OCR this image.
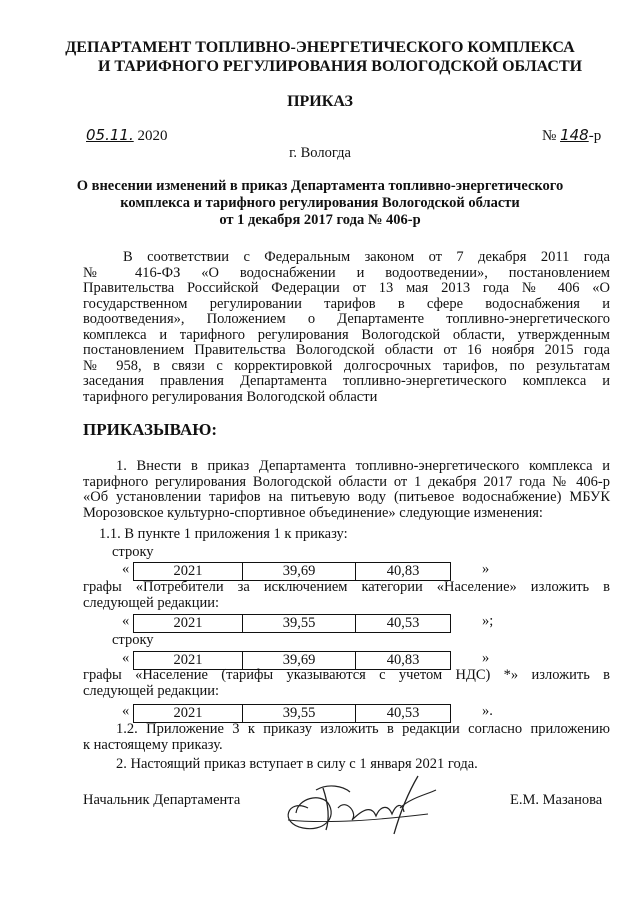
ДЕПАРТАМЕНТ ТОПЛИВНО-ЭНЕРГЕТИЧЕСКОГО КОМПЛЕКСА
И ТАРИФНОГО РЕГУЛИРОВАНИЯ ВОЛОГОДСКОЙ ОБЛАСТИ
ПРИКАЗ
05.11. 2020	№ 148-р
г. Вологда
О внесении изменений в приказ Департамента топливно-энергетического
комплекса и тарифного регулирования Вологодской области
от 1 декабря 2017 года № 406-р
В соответствии с Федеральным законом от 7 декабря 2011 года
№ 416-ФЗ «О водоснабжении и водоотведении», постановлением
Правительства Российской Федерации от 13 мая 2013 года № 406 «О
государственном регулировании тарифов в сфере водоснабжения и
водоотведения», Положением о Департаменте топливно-энергетического
комплекса и тарифного регулирования Вологодской области, утвержденным
постановлением Правительства Вологодской области от 16 ноября 2015 года
№ 958, в связи с корректировкой долгосрочных тарифов, по результатам
заседания правления Департамента топливно-энергетического комплекса и
тарифного регулирования Вологодской области
ПРИКАЗЫВАЮ:
1. Внести в приказ Департамента топливно-энергетического комплекса и
тарифного регулирования Вологодской области от 1 декабря 2017 года № 406-р
«Об установлении тарифов на питьевую воду (питьевое водоснабжение) МБУК
Морозовское культурно-спортивное объединение» следующие изменения:
1.1. В пункте 1 приложения 1 к приказу:
строку
«	2021	39,69	40,83	»
графы «Потребители за исключением категории «Население» изложить в
следующей редакции:
«	2021	39,55	40,53	»;
строку
«	2021	39,69	40,83	»
графы «Население (тарифы указываются с учетом НДС) *» изложить в
следующей редакции:
«	2021	39,55	40,53	».
1.2. Приложение 3 к приказу изложить в редакции согласно приложению
к настоящему приказу.
2. Настоящий приказ вступает в силу с 1 января 2021 года.
Начальник Департамента	Е.М. Мазанова
